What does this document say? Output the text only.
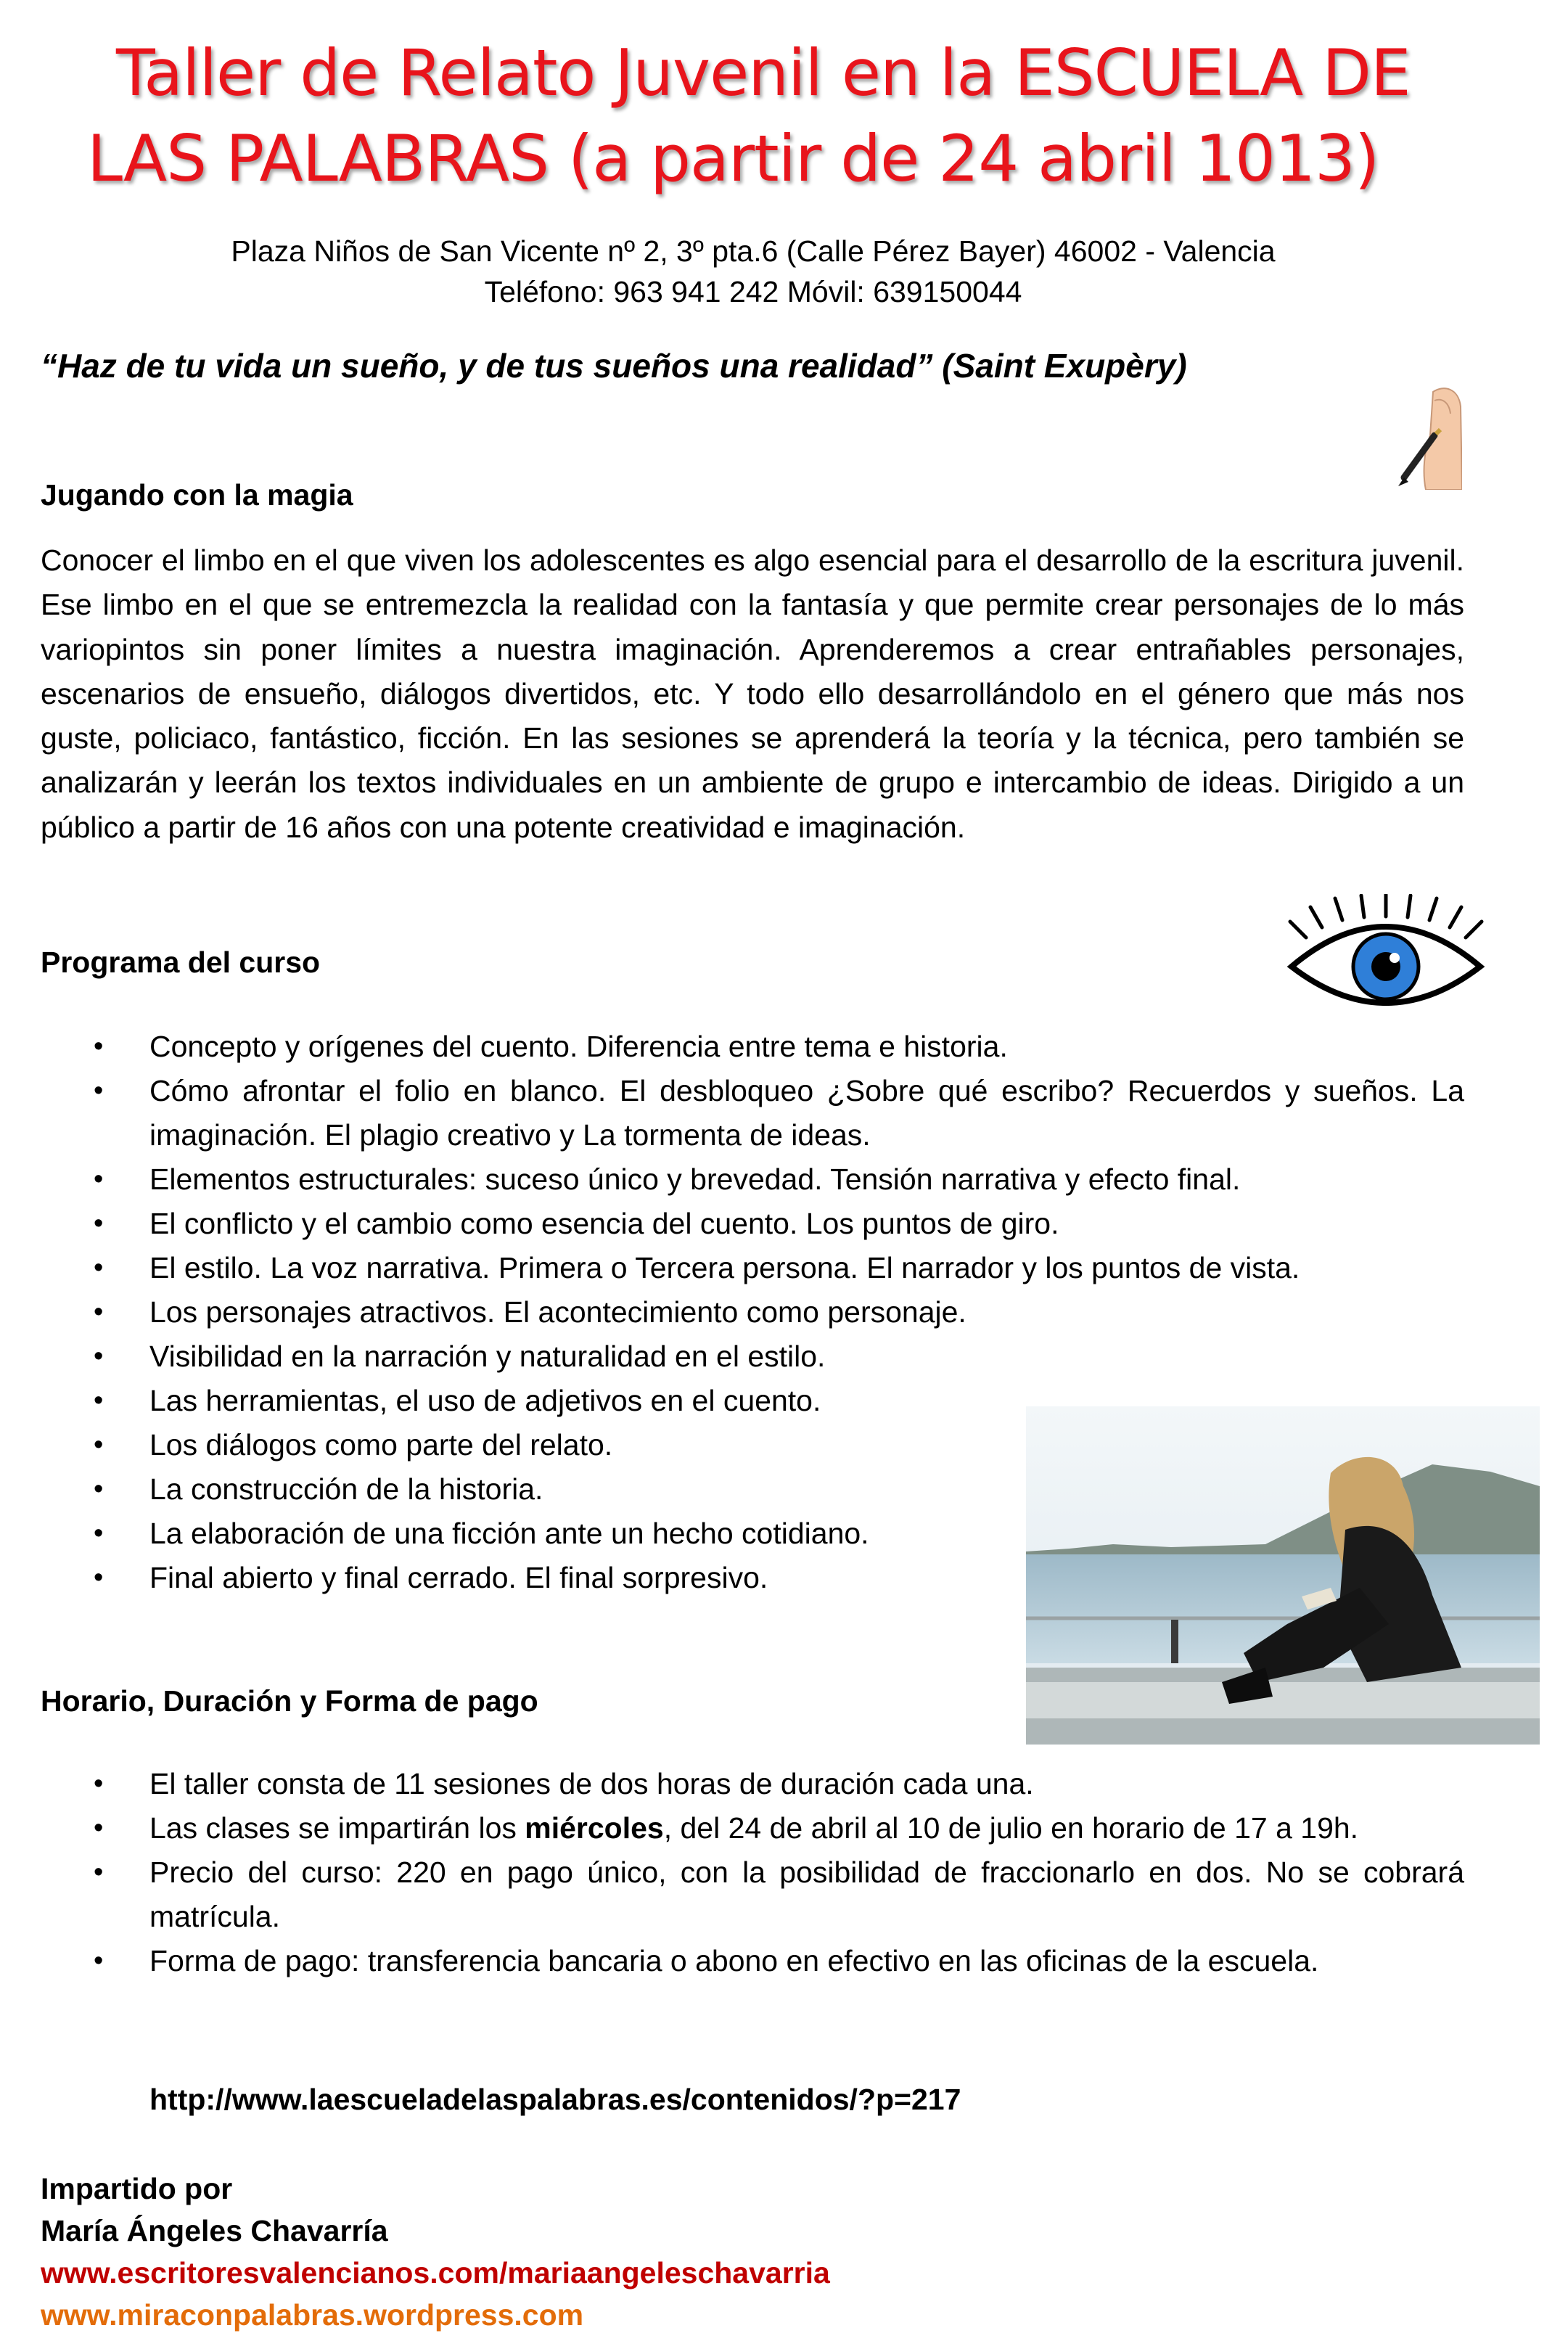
Taller de Relato Juvenil en la ESCUELA DE
LAS PALABRAS (a partir de 24 abril 1013)
Plaza Niños de San Vicente nº 2, 3º pta.6 (Calle Pérez Bayer) 46002 - Valencia
Teléfono: 963 941 242 Móvil: 639150044
“Haz de tu vida un sueño, y de tus sueños una realidad” (Saint Exupèry)
Jugando con la magia

Conocer el limbo en el que viven los adolescentes es algo esencial para el desarrollo de la escritura juvenil. Ese limbo en el que se entremezcla la realidad con la fantasía y que permite crear personajes de lo más variopintos sin poner límites a nuestra imaginación. Aprenderemos a crear entrañables personajes, escenarios de ensueño, diálogos divertidos, etc. Y todo ello desarrollándolo en el género que más nos guste, policiaco, fantástico, ficción. En las sesiones se aprenderá la teoría y la técnica, pero también se analizarán y leerán los textos individuales en un ambiente de grupo e intercambio de ideas. Dirigido a un público a partir de 16 años con una potente creatividad e imaginación.

Programa del curso
• Concepto y orígenes del cuento. Diferencia entre tema e historia.
• Cómo afrontar el folio en blanco. El desbloqueo ¿Sobre qué escribo? Recuerdos y sueños. La imaginación. El plagio creativo y La tormenta de ideas.
• Elementos estructurales: suceso único y brevedad. Tensión narrativa y efecto final.
• El conflicto y el cambio como esencia del cuento. Los puntos de giro.
• El estilo. La voz narrativa. Primera o Tercera persona. El narrador y los puntos de vista.
• Los personajes atractivos. El acontecimiento como personaje.
• Visibilidad en la narración y naturalidad en el estilo.
• Las herramientas, el uso de adjetivos en el cuento.
• Los diálogos como parte del relato.
• La construcción de la historia.
• La elaboración de una ficción ante un hecho cotidiano.
• Final abierto y final cerrado. El final sorpresivo.
Horario, Duración y Forma de pago
• El taller consta de 11 sesiones de dos horas de duración cada una.
• Las clases se impartirán los miércoles, del 24 de abril al 10 de julio en horario de 17 a 19h.
• Precio del curso: 220 en pago único, con la posibilidad de fraccionarlo en dos. No se cobrará matrícula.
• Forma de pago: transferencia bancaria o abono en efectivo en las oficinas de la escuela.
http://www.laescueladelaspalabras.es/contenidos/?p=217
Impartido por
María Ángeles Chavarría
www.escritoresvalencianos.com/mariaangeleschavarria
www.miraconpalabras.wordpress.com
